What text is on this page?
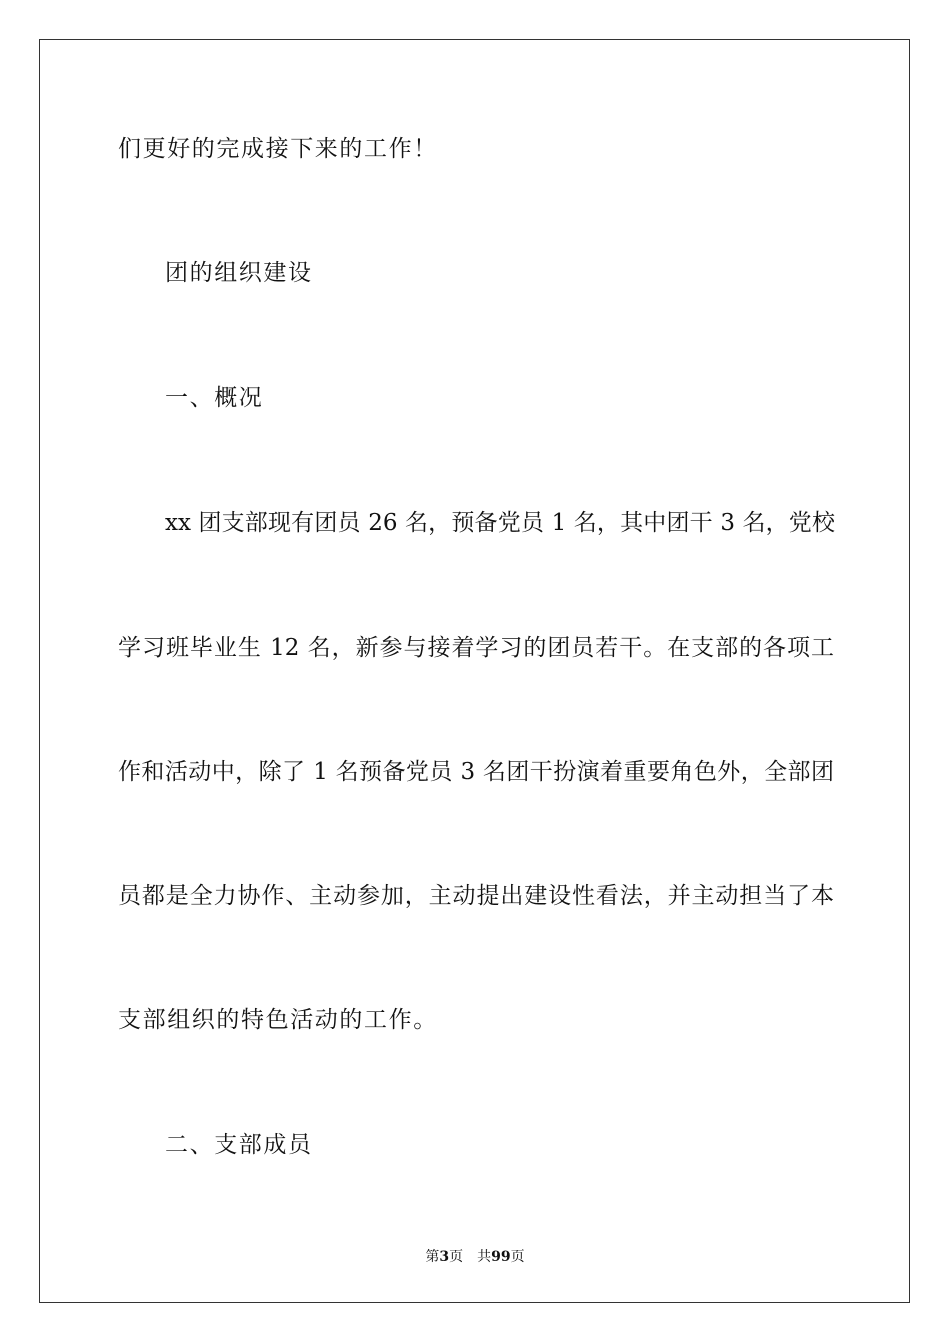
们更好的完成接下来的工作！
团的组织建设
一、概况
xx 团支部现有团员 26 名，预备党员 1 名，其中团干 3 名，党校
学习班毕业生 12 名，新参与接着学习的团员若干。在支部的各项工
作和活动中，除了 1 名预备党员 3 名团干扮演着重要角色外，全部团
员都是全力协作、主动参加，主动提出建设性看法，并主动担当了本
支部组织的特色活动的工作。
二、支部成员
第3页 共99页
